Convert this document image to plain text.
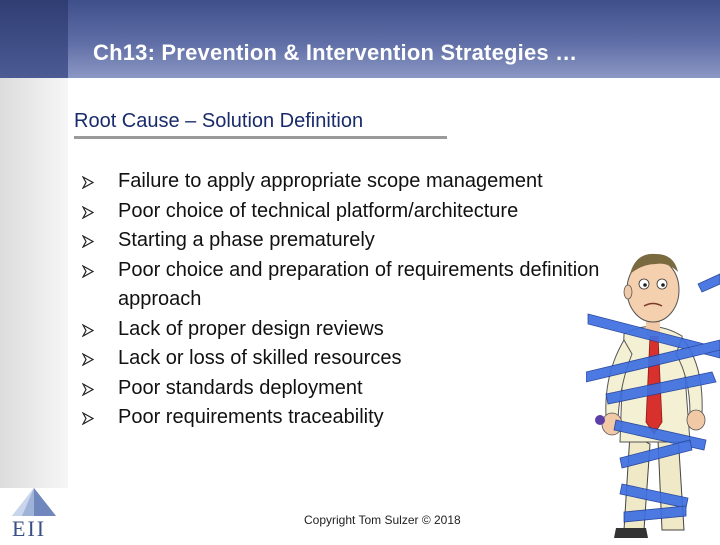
Ch13: Prevention & Intervention Strategies …
Root Cause – Solution Definition
Failure to apply appropriate scope management
Poor choice of technical platform/architecture
Starting a phase prematurely
Poor choice and preparation of requirements definition approach
Lack of proper design reviews
Lack or loss of skilled resources
Poor standards deployment
Poor requirements traceability
EII	Copyright Tom Sulzer © 2018
